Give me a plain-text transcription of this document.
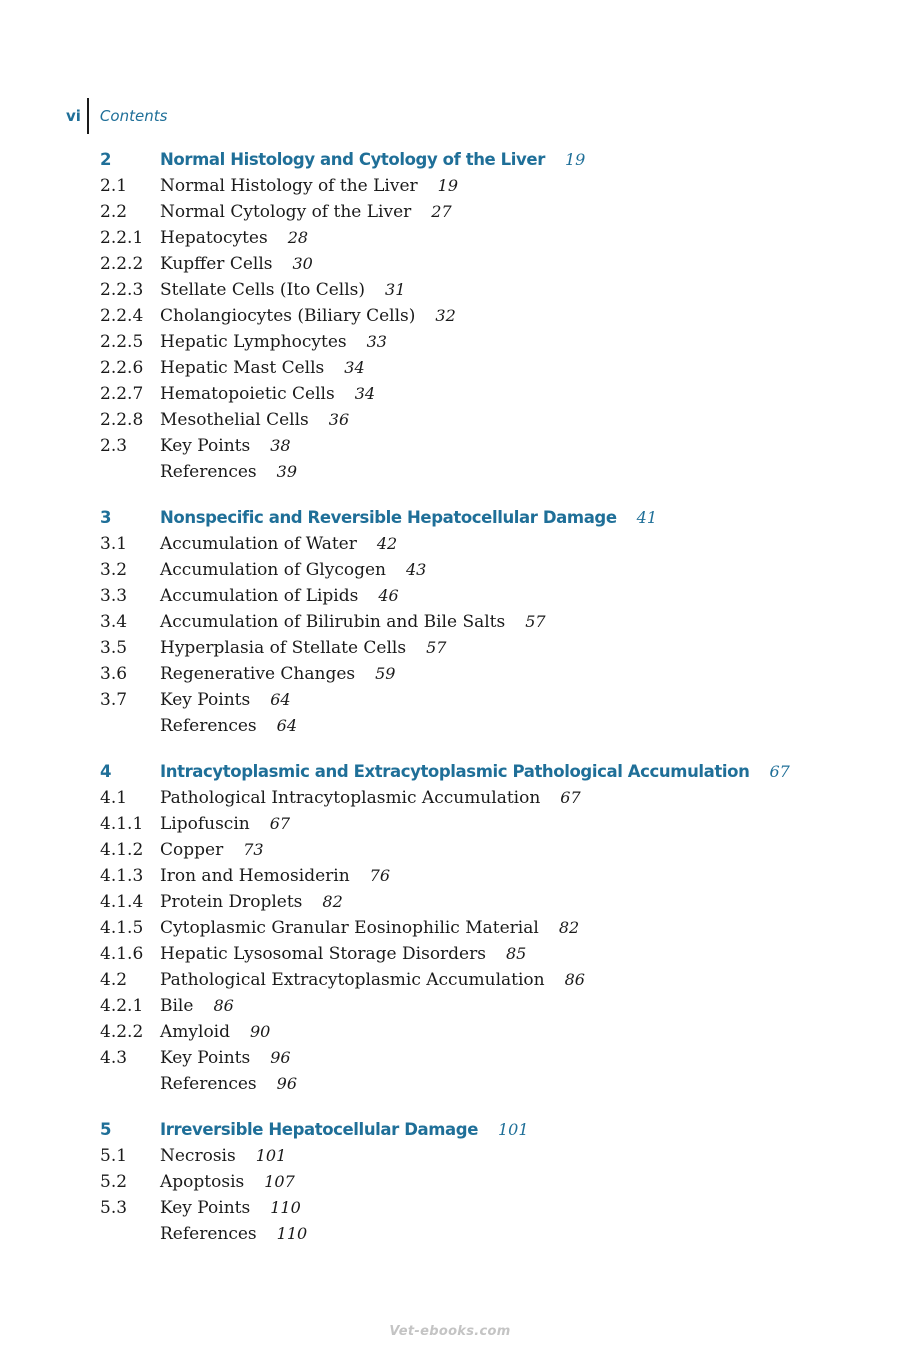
vi	Contents
2	Normal Histology and Cytology of the Liver 19
2.1	Normal Histology of the Liver 19
2.2	Normal Cytology of the Liver 27
2.2.1 Hepatocytes 28
2.2.2 Kupffer Cells 30
2.2.3 Stellate Cells (Ito Cells) 31
2.2.4 Cholangiocytes (Biliary Cells) 32
2.2.5 Hepatic Lymphocytes 33
2.2.6 Hepatic Mast Cells 34
2.2.7 Hematopoietic Cells 34
2.2.8 Mesothelial Cells 36
2.3	Key Points 38
References 39
3	Nonspecific and Reversible Hepatocellular Damage 41
3.1	Accumulation of Water 42
3.2	Accumulation of Glycogen 43
3.3	Accumulation of Lipids 46
3.4	Accumulation of Bilirubin and Bile Salts 57
3.5	Hyperplasia of Stellate Cells 57
3.6	Regenerative Changes 59
3.7	Key Points 64
References 64
4	Intracytoplasmic and Extracytoplasmic Pathological Accumulation 67
4.1	Pathological Intracytoplasmic Accumulation 67
4.1.1 Lipofuscin 67
4.1.2 Copper 73
4.1.3 Iron and Hemosiderin 76
4.1.4 Protein Droplets 82
4.1.5 Cytoplasmic Granular Eosinophilic Material 82
4.1.6 Hepatic Lysosomal Storage Disorders 85
4.2	Pathological Extracytoplasmic Accumulation 86
4.2.1 Bile 86
4.2.2 Amyloid 90
4.3	Key Points 96
References 96
5	Irreversible Hepatocellular Damage 101
5.1	Necrosis 101
5.2	Apoptosis 107
5.3	Key Points 110
References 110
Vet-ebooks.com
